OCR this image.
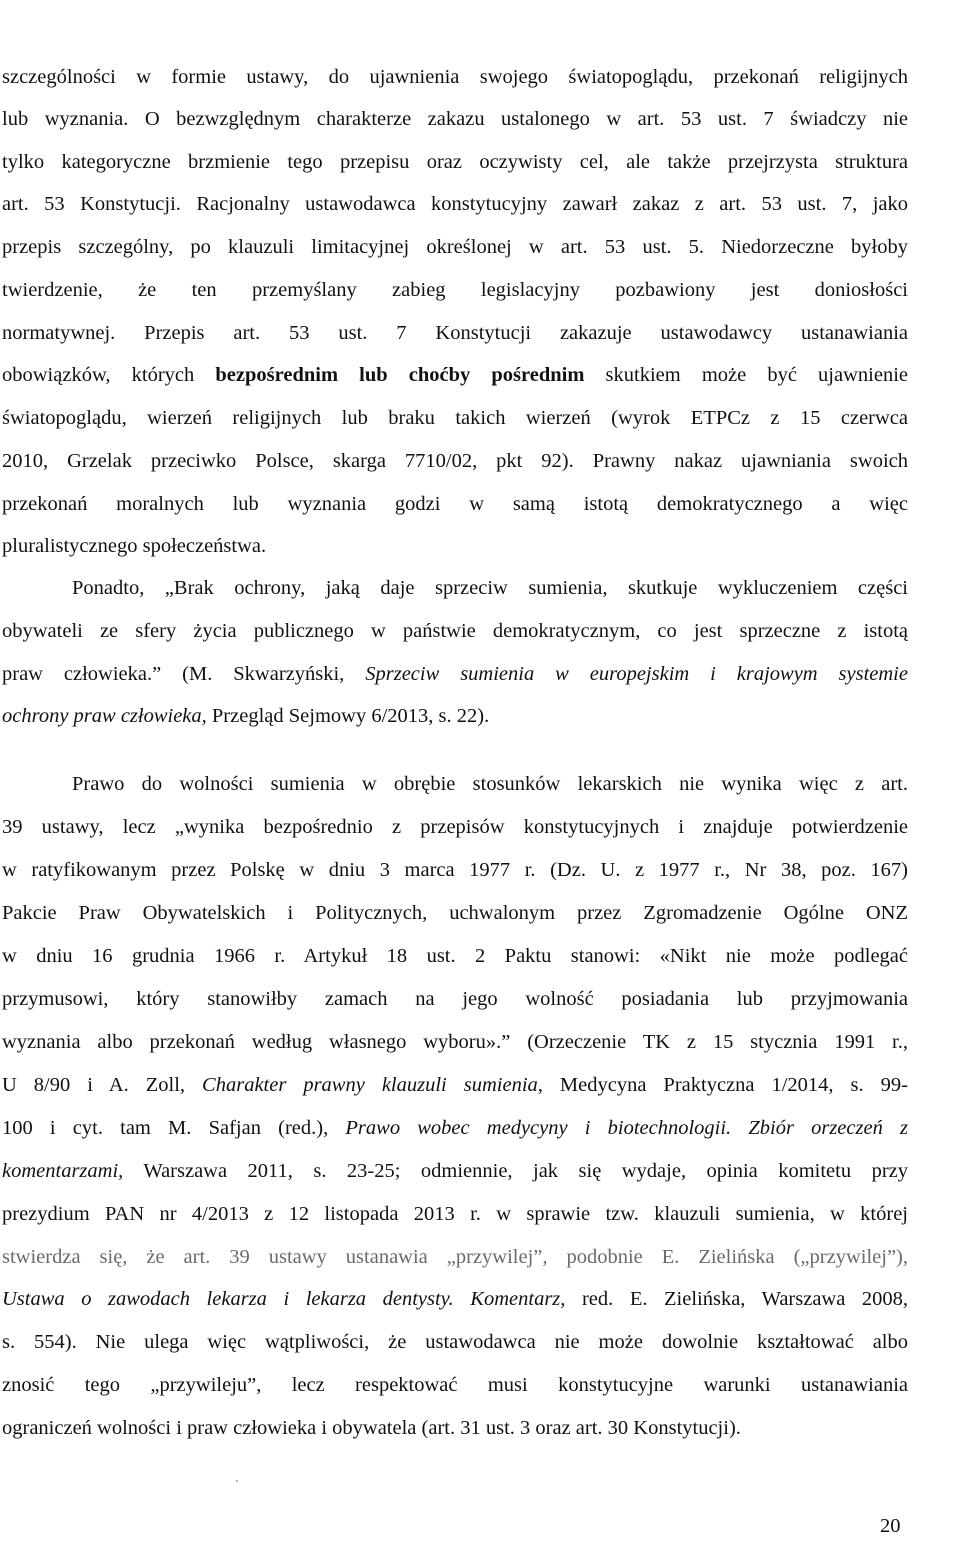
szczególności w formie ustawy, do ujawnienia swojego światopoglądu, przekonań religijnych
lub wyznania. O bezwzględnym charakterze zakazu ustalonego w art. 53 ust. 7 świadczy nie
tylko kategoryczne brzmienie tego przepisu oraz oczywisty cel, ale także przejrzysta struktura
art. 53 Konstytucji. Racjonalny ustawodawca konstytucyjny zawarł zakaz z art. 53 ust. 7, jako
przepis szczególny, po klauzuli limitacyjnej określonej w art. 53 ust. 5. Niedorzeczne byłoby
twierdzenie, że ten przemyślany zabieg legislacyjny pozbawiony jest doniosłości
normatywnej. Przepis art. 53 ust. 7 Konstytucji zakazuje ustawodawcy ustanawiania
obowiązków, których bezpośrednim lub choćby pośrednim skutkiem może być ujawnienie
światopoglądu, wierzeń religijnych lub braku takich wierzeń (wyrok ETPCz z 15 czerwca
2010, Grzelak przeciwko Polsce, skarga 7710/02, pkt 92). Prawny nakaz ujawniania swoich
przekonań moralnych lub wyznania godzi w samą istotą demokratycznego a więc
pluralistycznego społeczeństwa.
Ponadto, „Brak ochrony, jaką daje sprzeciw sumienia, skutkuje wykluczeniem części
obywateli ze sfery życia publicznego w państwie demokratycznym, co jest sprzeczne z istotą
praw człowieka.” (M. Skwarzyński, Sprzeciw sumienia w europejskim i krajowym systemie
ochrony praw człowieka, Przegląd Sejmowy 6/2013, s. 22).
Prawo do wolności sumienia w obrębie stosunków lekarskich nie wynika więc z art.
39 ustawy, lecz „wynika bezpośrednio z przepisów konstytucyjnych i znajduje potwierdzenie
w ratyfikowanym przez Polskę w dniu 3 marca 1977 r. (Dz. U. z 1977 r., Nr 38, poz. 167)
Pakcie Praw Obywatelskich i Politycznych, uchwalonym przez Zgromadzenie Ogólne ONZ
w dniu 16 grudnia 1966 r. Artykuł 18 ust. 2 Paktu stanowi: «Nikt nie może podlegać
przymusowi, który stanowiłby zamach na jego wolność posiadania lub przyjmowania
wyznania albo przekonań według własnego wyboru».” (Orzeczenie TK z 15 stycznia 1991 r.,
U 8/90 i A. Zoll, Charakter prawny klauzuli sumienia, Medycyna Praktyczna 1/2014, s. 99-
100 i cyt. tam M. Safjan (red.), Prawo wobec medycyny i biotechnologii. Zbiór orzeczeń z
komentarzami, Warszawa 2011, s. 23-25; odmiennie, jak się wydaje, opinia komitetu przy
prezydium PAN nr 4/2013 z 12 listopada 2013 r. w sprawie tzw. klauzuli sumienia, w której
stwierdza się, że art. 39 ustawy ustanawia „przywilej”, podobnie E. Zielińska („przywilej”),
Ustawa o zawodach lekarza i lekarza dentysty. Komentarz, red. E. Zielińska, Warszawa 2008,
s. 554). Nie ulega więc wątpliwości, że ustawodawca nie może dowolnie kształtować albo
znosić tego „przywileju”, lecz respektować musi konstytucyjne warunki ustanawiania
ograniczeń wolności i praw człowieka i obywatela (art. 31 ust. 3 oraz art. 30 Konstytucji).
20
